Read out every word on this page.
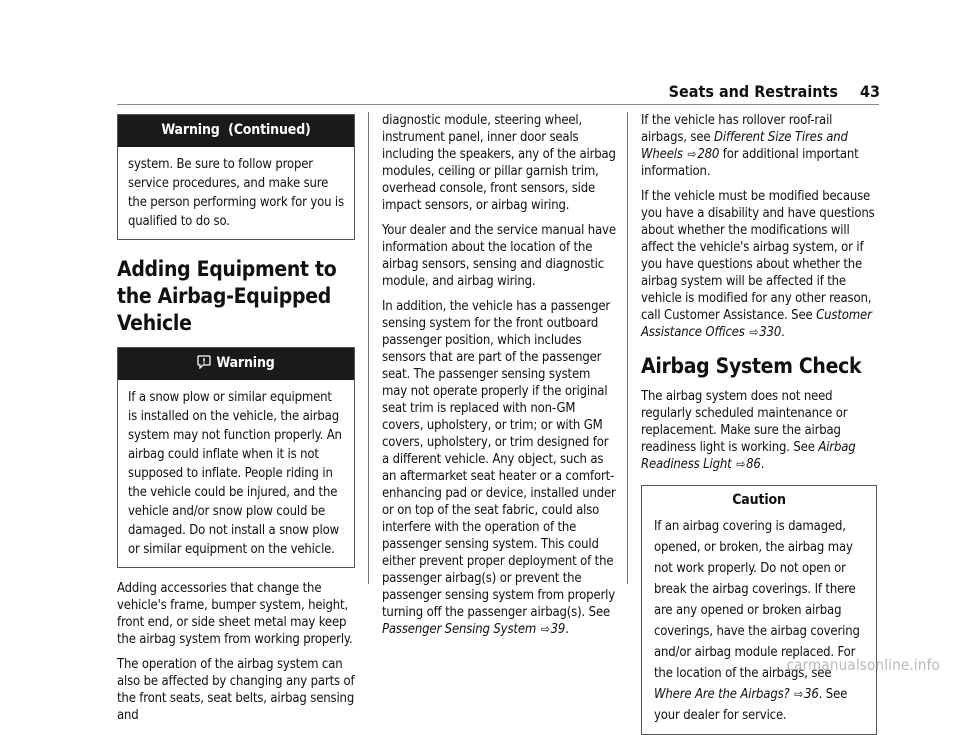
Seats and Restraints 43
Warning  (Continued)
system. Be sure to follow proper service procedures, and make sure the person performing work for you is qualified to do so.
Adding Equipment to the Airbag-Equipped Vehicle
Warning
If a snow plow or similar equipment is installed on the vehicle, the airbag system may not function properly. An airbag could inflate when it is not supposed to inflate. People riding in the vehicle could be injured, and the vehicle and/or snow plow could be damaged. Do not install a snow plow or similar equipment on the vehicle.

Adding accessories that change the vehicle's frame, bumper system, height, front end, or side sheet metal may keep the airbag system from working properly.

The operation of the airbag system can also be affected by changing any parts of the front seats, seat belts, airbag sensing and

diagnostic module, steering wheel, instrument panel, inner door seals including the speakers, any of the airbag modules, ceiling or pillar garnish trim, overhead console, front sensors, side impact sensors, or airbag wiring.

Your dealer and the service manual have information about the location of the airbag sensors, sensing and diagnostic module, and airbag wiring.

In addition, the vehicle has a passenger sensing system for the front outboard passenger position, which includes sensors that are part of the passenger seat. The passenger sensing system may not operate properly if the original seat trim is replaced with non-GM covers, upholstery, or trim; or with GM covers, upholstery, or trim designed for a different vehicle. Any object, such as an aftermarket seat heater or a comfort-enhancing pad or device, installed under or on top of the seat fabric, could also interfere with the operation of the passenger sensing system. This could either prevent proper deployment of the passenger airbag(s) or prevent the passenger sensing system from properly turning off the passenger airbag(s). See Passenger Sensing System ⇨39.

If the vehicle has rollover roof-rail airbags, see Different Size Tires and Wheels ⇨280 for additional important information.

If the vehicle must be modified because you have a disability and have questions about whether the modifications will affect the vehicle's airbag system, or if you have questions about whether the airbag system will be affected if the vehicle is modified for any other reason, call Customer Assistance. See Customer Assistance Offices ⇨330.

Airbag System Check

The airbag system does not need regularly scheduled maintenance or replacement. Make sure the airbag readiness light is working. See Airbag Readiness Light ⇨86.

Caution
If an airbag covering is damaged, opened, or broken, the airbag may not work properly. Do not open or break the airbag coverings. If there are any opened or broken airbag coverings, have the airbag covering and/or airbag module replaced. For the location of the airbags, see Where Are the Airbags? ⇨36. See your dealer for service.
carmanualsonline.info
